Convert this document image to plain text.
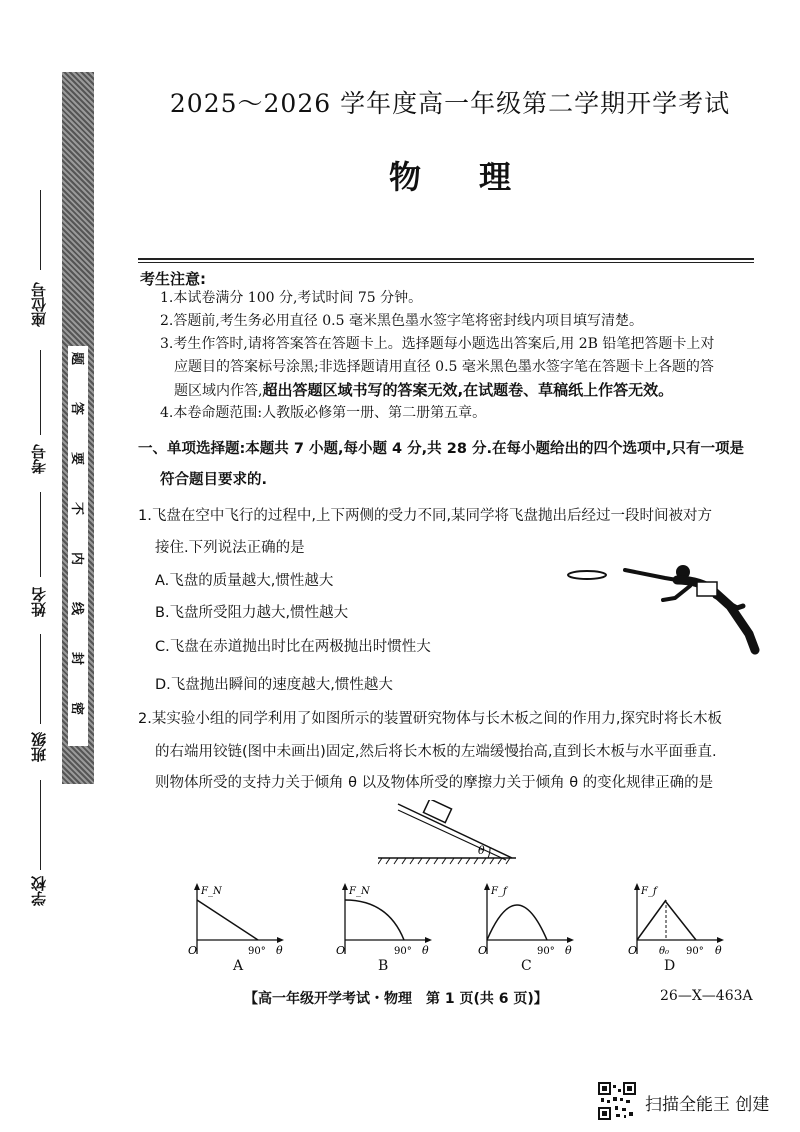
题
答
要
不
内
线
封
密
座位号
考号
姓名
班级
学校
2025～2026 学年度高一年级第二学期开学考试
物理
考生注意:
1.本试卷满分 100 分,考试时间 75 分钟。
2.答题前,考生务必用直径 0.5 毫米黑色墨水签字笔将密封线内项目填写清楚。
3.考生作答时,请将答案答在答题卡上。选择题每小题选出答案后,用 2B 铅笔把答题卡上对
应题目的答案标号涂黑;非选择题请用直径 0.5 毫米黑色墨水签字笔在答题卡上各题的答
题区域内作答,超出答题区域书写的答案无效,在试题卷、草稿纸上作答无效。
4.本卷命题范围:人教版必修第一册、第二册第五章。
一、单项选择题:本题共 7 小题,每小题 4 分,共 28 分.在每小题给出的四个选项中,只有一项是
符合题目要求的.
1.飞盘在空中飞行的过程中,上下两侧的受力不同,某同学将飞盘抛出后经过一段时间被对方
接住.下列说法正确的是
A.飞盘的质量越大,惯性越大
B.飞盘所受阻力越大,惯性越大
C.飞盘在赤道抛出时比在两极抛出时惯性大
D.飞盘抛出瞬间的速度越大,惯性越大
2.某实验小组的同学利用了如图所示的装置研究物体与长木板之间的作用力,探究时将长木板
的右端用铰链(图中未画出)固定,然后将长木板的左端缓慢抬高,直到长木板与水平面垂直.
则物体所受的支持力关于倾角 θ 以及物体所受的摩擦力关于倾角 θ 的变化规律正确的是
θ
F_N
O	90° θ
A
F_N
O	90° θ
B
F_f
O	90° θ
C
F_f
O θ₀ 90° θ
D
【高一年级开学考试・物理　第 1 页(共 6 页)】	26—X—463A
扫描全能王 创建
